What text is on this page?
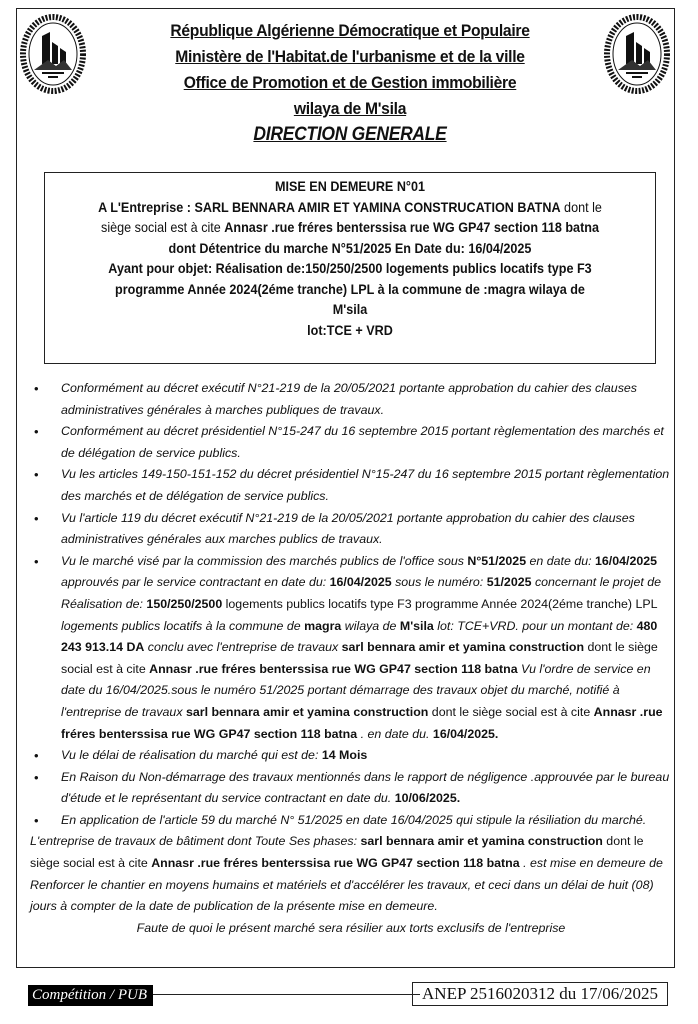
République Algérienne Démocratique et Populaire
Ministère de l'Habitat.de l'urbanisme et de la ville
Office de Promotion et de Gestion immobilière
wilaya de M'sila
DIRECTION GENERALE
MISE EN DEMEURE N°01
A L'Entreprise : SARL BENNARA AMIR ET YAMINA CONSTRUCATION BATNA dont le
siège social est à cite Annasr .rue fréres benterssisa rue WG GP47 section 118 batna
dont Détentrice du marche N°51/2025 En Date du: 16/04/2025
Ayant pour objet: Réalisation de:150/250/2500 logements publics locatifs type F3
programme Année 2024(2éme tranche) LPL à la commune de :magra wilaya de
M'sila
lot:TCE + VRD
• Conformément au décret exécutif N°21-219 de la 20/05/2021 portante approbation du cahier des clauses administratives générales à marches publiques de travaux.
• Conformément au décret présidentiel N°15-247 du 16 septembre 2015 portant règlementation des marchés et de délégation de service publics.
• Vu les articles 149-150-151-152 du décret présidentiel N°15-247 du 16 septembre 2015 portant règlementation des marchés et de délégation de service publics.
• Vu l'article 119 du décret exécutif N°21-219 de la 20/05/2021 portante approbation du cahier des clauses administratives générales aux marches publics de travaux.
• Vu le marché visé par la commission des marchés publics de l'office sous N°51/2025 en date du: 16/04/2025 approuvés par le service contractant en date du: 16/04/2025 sous le numéro: 51/2025 concernant le projet de Réalisation de: 150/250/2500 logements publics locatifs type F3 programme Année 2024(2éme tranche) LPL logements publics locatifs à la commune de magra wilaya de M'sila lot: TCE+VRD. pour un montant de: 480 243 913.14 DA conclu avec l'entreprise de travaux sarl bennara amir et yamina construction dont le siège social est à cite Annasr .rue fréres benterssisa rue WG GP47 section 118 batna Vu l'ordre de service en date du 16/04/2025.sous le numéro 51/2025 portant démarrage des travaux objet du marché, notifié à l'entreprise de travaux sarl bennara amir et yamina construction dont le siège social est à cite Annasr .rue fréres benterssisa rue WG GP47 section 118 batna . en date du. 16/04/2025.
• Vu le délai de réalisation du marché qui est de: 14 Mois
• En Raison du Non-démarrage des travaux mentionnés dans le rapport de négligence .approuvée par le bureau d'étude et le représentant du service contractant en date du. 10/06/2025.
• En application de l'article 59 du marché N° 51/2025 en date 16/04/2025 qui stipule la résiliation du marché.
L'entreprise de travaux de bâtiment dont Toute Ses phases: sarl bennara amir et yamina construction dont le siège social est à cite Annasr .rue fréres benterssisa rue WG GP47 section 118 batna . est mise en demeure de Renforcer le chantier en moyens humains et matériels et d'accélérer les travaux, et ceci dans un délai de huit (08) jours à compter de la date de publication de la présente mise en demeure.
Faute de quoi le présent marché sera résilier aux torts exclusifs de l'entreprise
Compétition / PUB	ANEP 2516020312 du 17/06/2025
